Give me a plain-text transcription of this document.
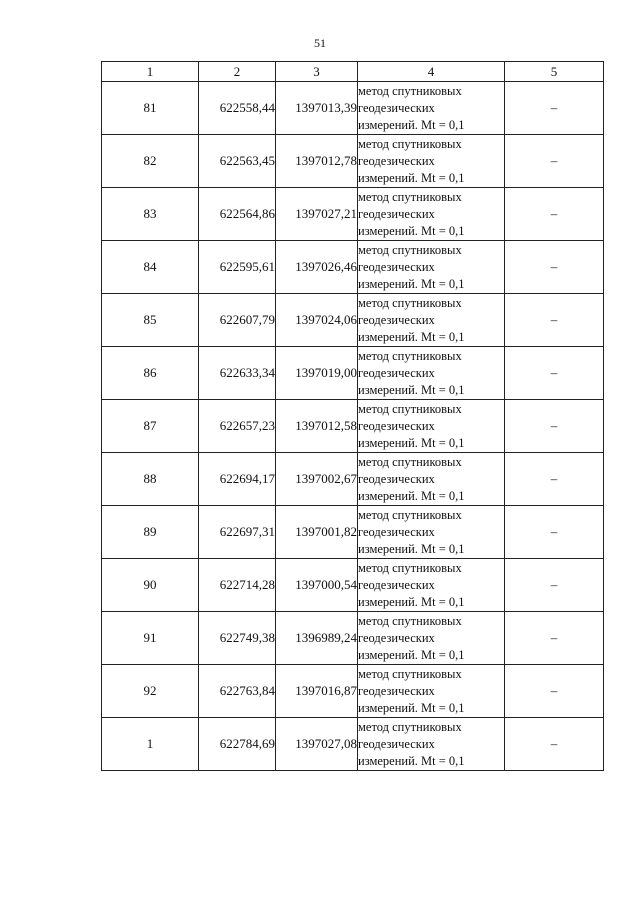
51
1	2	3	4	5
81	622558,44	1397013,39	метод спутниковых
геодезических
измерений. Mt = 0,1	–
82	622563,45	1397012,78	метод спутниковых
геодезических
измерений. Mt = 0,1	–
83	622564,86	1397027,21	метод спутниковых
геодезических
измерений. Mt = 0,1	–
84	622595,61	1397026,46	метод спутниковых
геодезических
измерений. Mt = 0,1	–
85	622607,79	1397024,06	метод спутниковых
геодезических
измерений. Mt = 0,1	–
86	622633,34	1397019,00	метод спутниковых
геодезических
измерений. Mt = 0,1	–
87	622657,23	1397012,58	метод спутниковых
геодезических
измерений. Mt = 0,1	–
88	622694,17	1397002,67	метод спутниковых
геодезических
измерений. Mt = 0,1	–
89	622697,31	1397001,82	метод спутниковых
геодезических
измерений. Mt = 0,1	–
90	622714,28	1397000,54	метод спутниковых
геодезических
измерений. Mt = 0,1	–
91	622749,38	1396989,24	метод спутниковых
геодезических
измерений. Mt = 0,1	–
92	622763,84	1397016,87	метод спутниковых
геодезических
измерений. Mt = 0,1	–
1	622784,69	1397027,08	метод спутниковых
геодезических
измерений. Mt = 0,1	–
